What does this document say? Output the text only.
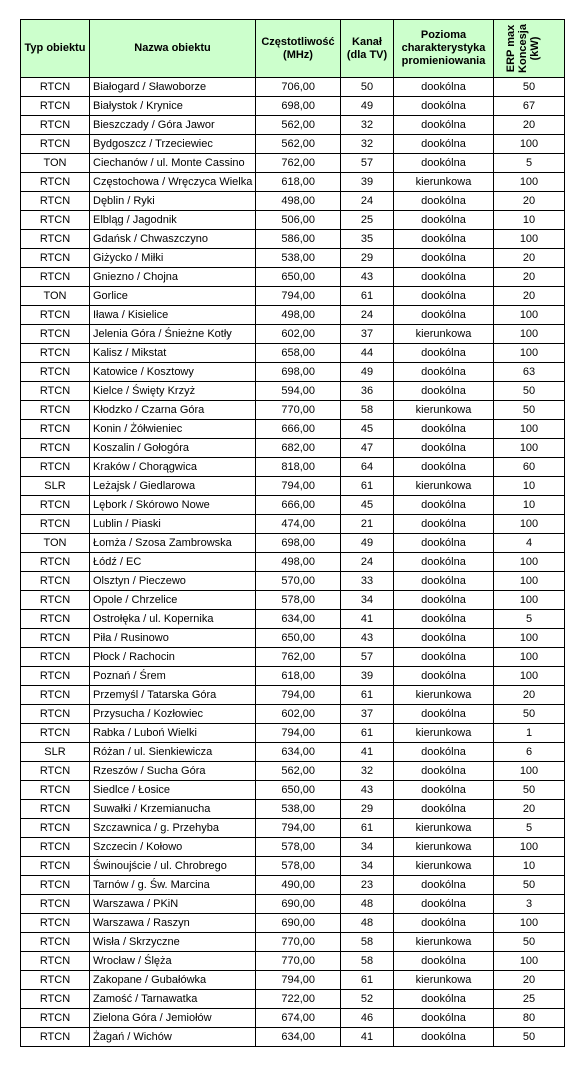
Typ obiektu	Nazwa obiektu	Częstotliwość (MHz)	Kanał (dla TV)	Pozioma charakterystyka promieniowania	ERP max Koncesja (kW)

RTCN	Białogard / Sławoborze	706,00	50	dookólna	50
RTCN	Białystok / Krynice	698,00	49	dookólna	67
RTCN	Bieszczady / Góra Jawor	562,00	32	dookólna	20
RTCN	Bydgoszcz / Trzeciewiec	562,00	32	dookólna	100
TON	Ciechanów / ul. Monte Cassino	762,00	57	dookólna	5
RTCN	Częstochowa / Wręczyca Wielka	618,00	39	kierunkowa	100
RTCN	Dęblin / Ryki	498,00	24	dookólna	20
RTCN	Elbląg / Jagodnik	506,00	25	dookólna	10
RTCN	Gdańsk / Chwaszczyno	586,00	35	dookólna	100
RTCN	Giżycko / Miłki	538,00	29	dookólna	20
RTCN	Gniezno / Chojna	650,00	43	dookólna	20
TON	Gorlice	794,00	61	dookólna	20
RTCN	Iława / Kisielice	498,00	24	dookólna	100
RTCN	Jelenia Góra / Śnieżne Kotły	602,00	37	kierunkowa	100
RTCN	Kalisz / Mikstat	658,00	44	dookólna	100
RTCN	Katowice / Kosztowy	698,00	49	dookólna	63
RTCN	Kielce / Święty Krzyż	594,00	36	dookólna	50
RTCN	Kłodzko / Czarna Góra	770,00	58	kierunkowa	50
RTCN	Konin / Żółwieniec	666,00	45	dookólna	100
RTCN	Koszalin / Gołogóra	682,00	47	dookólna	100
RTCN	Kraków / Chorągwica	818,00	64	dookólna	60
SLR	Leżajsk / Giedlarowa	794,00	61	kierunkowa	10
RTCN	Lębork / Skórowo Nowe	666,00	45	dookólna	10
RTCN	Lublin / Piaski	474,00	21	dookólna	100
TON	Łomża / Szosa Zambrowska	698,00	49	dookólna	4
RTCN	Łódź / EC	498,00	24	dookólna	100
RTCN	Olsztyn / Pieczewo	570,00	33	dookólna	100
RTCN	Opole / Chrzelice	578,00	34	dookólna	100
RTCN	Ostrołęka / ul. Kopernika	634,00	41	dookólna	5
RTCN	Piła / Rusinowo	650,00	43	dookólna	100
RTCN	Płock / Rachocin	762,00	57	dookólna	100
RTCN	Poznań / Śrem	618,00	39	dookólna	100
RTCN	Przemyśl / Tatarska Góra	794,00	61	kierunkowa	20
RTCN	Przysucha / Kozłowiec	602,00	37	dookólna	50
RTCN	Rabka / Luboń Wielki	794,00	61	kierunkowa	1
SLR	Różan / ul. Sienkiewicza	634,00	41	dookólna	6
RTCN	Rzeszów / Sucha Góra	562,00	32	dookólna	100
RTCN	Siedlce / Łosice	650,00	43	dookólna	50
RTCN	Suwałki / Krzemianucha	538,00	29	dookólna	20
RTCN	Szczawnica / g. Przehyba	794,00	61	kierunkowa	5
RTCN	Szczecin / Kołowo	578,00	34	kierunkowa	100
RTCN	Świnoujście / ul. Chrobrego	578,00	34	kierunkowa	10
RTCN	Tarnów / g. Św. Marcina	490,00	23	dookólna	50
RTCN	Warszawa / PKiN	690,00	48	dookólna	3
RTCN	Warszawa / Raszyn	690,00	48	dookólna	100
RTCN	Wisła / Skrzyczne	770,00	58	kierunkowa	50
RTCN	Wrocław / Ślęża	770,00	58	dookólna	100
RTCN	Zakopane / Gubałówka	794,00	61	kierunkowa	20
RTCN	Zamość / Tarnawatka	722,00	52	dookólna	25
RTCN	Zielona Góra / Jemiołów	674,00	46	dookólna	80
RTCN	Żagań / Wichów	634,00	41	dookólna	50
